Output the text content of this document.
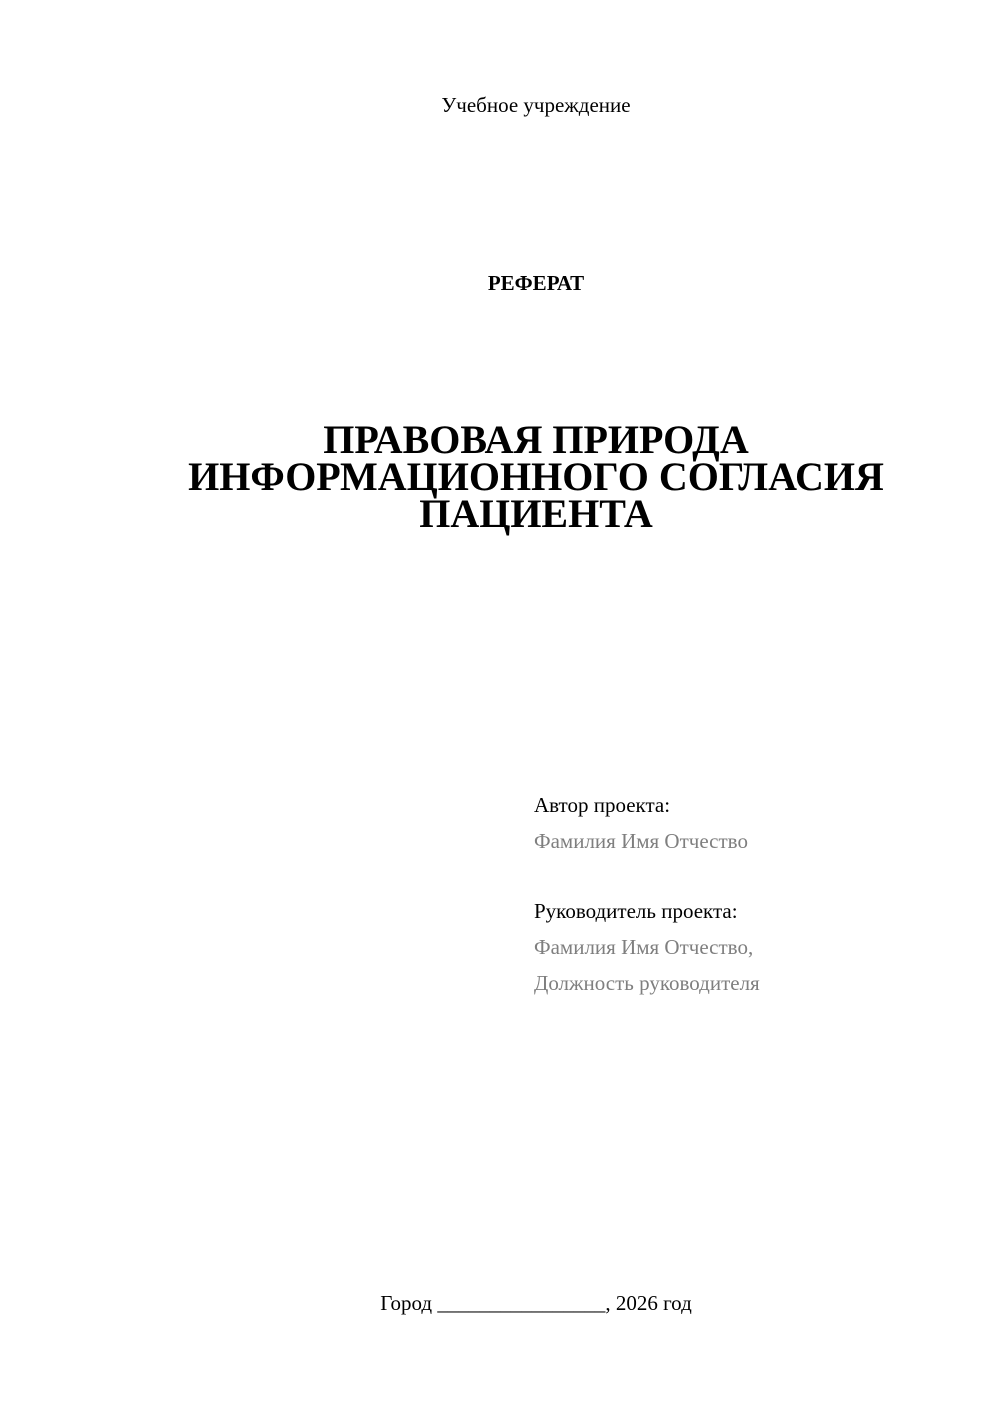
Учебное учреждение
РЕФЕРАТ
ПРАВОВАЯ ПРИРОДА
ИНФОРМАЦИОННОГО СОГЛАСИЯ
ПАЦИЕНТА
Автор проекта:
Фамилия Имя Отчество
Руководитель проекта:
Фамилия Имя Отчество,
Должность руководителя
Город ________________, 2026 год
